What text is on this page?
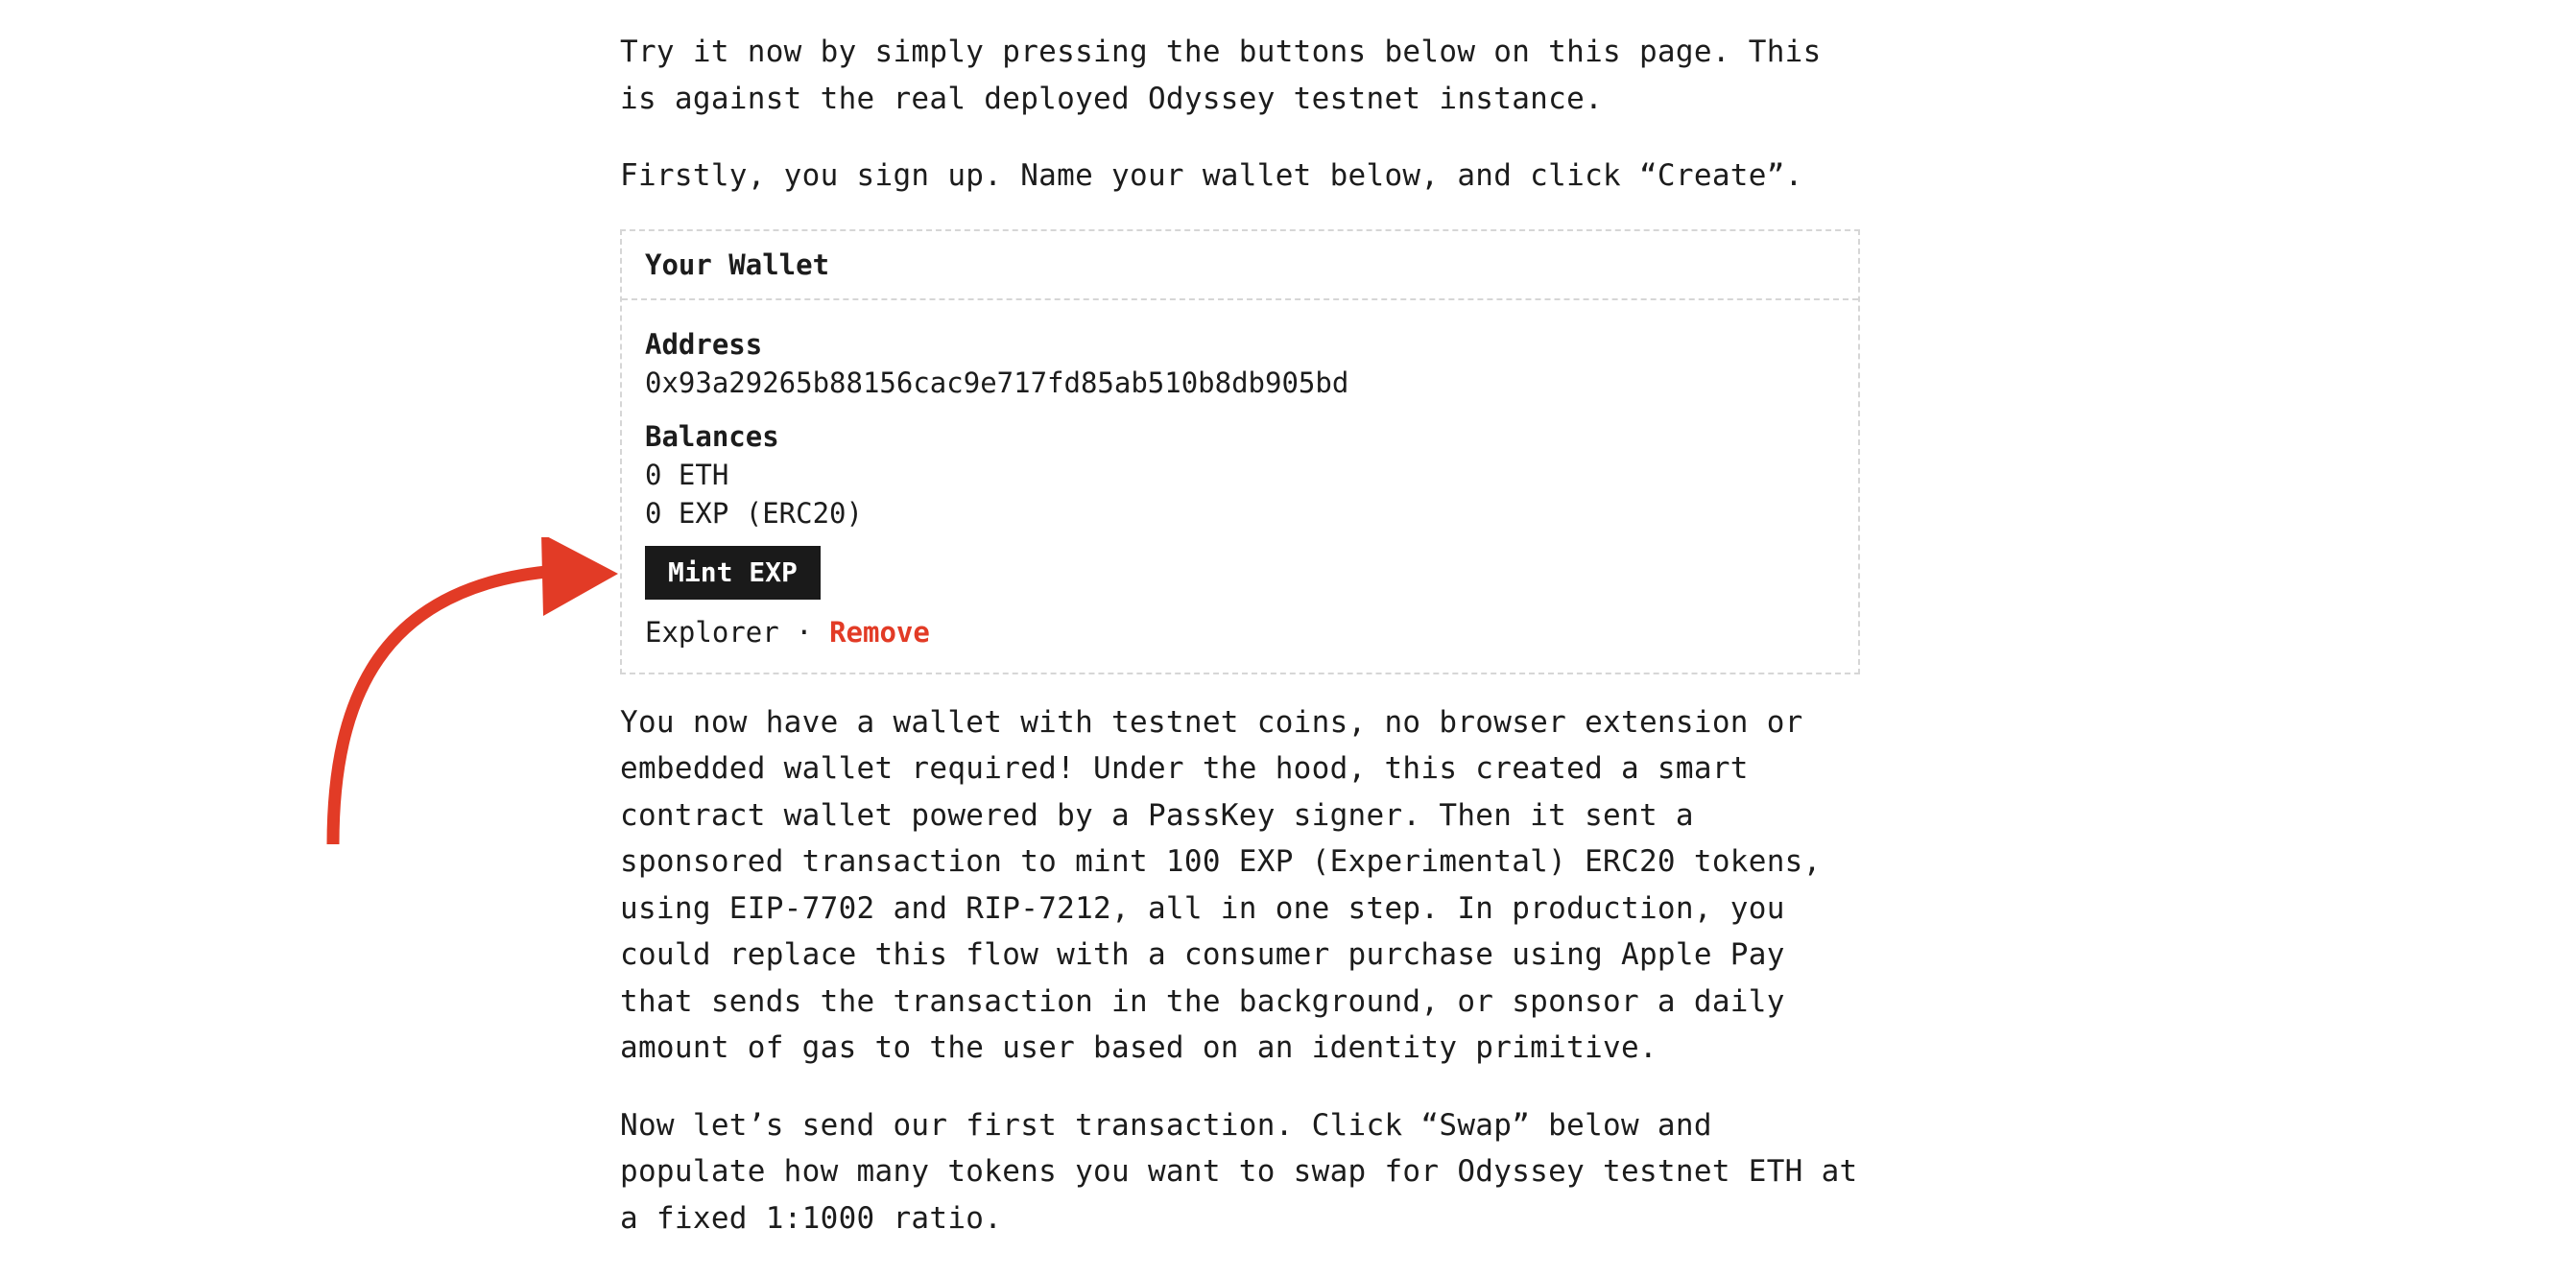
Try it now by simply pressing the buttons below on this page. This is against the real deployed Odyssey testnet instance.

Firstly, you sign up. Name your wallet below, and click “Create”.

Your Wallet
Address
0x93a29265b88156cac9e717fd85ab510b8db905bd
Balances
0 ETH
0 EXP (ERC20)
Mint EXP
Explorer · Remove

You now have a wallet with testnet coins, no browser extension or embedded wallet required! Under the hood, this created a smart contract wallet powered by a PassKey signer. Then it sent a sponsored transaction to mint 100 EXP (Experimental) ERC20 tokens, using EIP-7702 and RIP-7212, all in one step. In production, you could replace this flow with a consumer purchase using Apple Pay that sends the transaction in the background, or sponsor a daily amount of gas to the user based on an identity primitive.

Now let’s send our first transaction. Click “Swap” below and populate how many tokens you want to swap for Odyssey testnet ETH at a fixed 1:1000 ratio.
